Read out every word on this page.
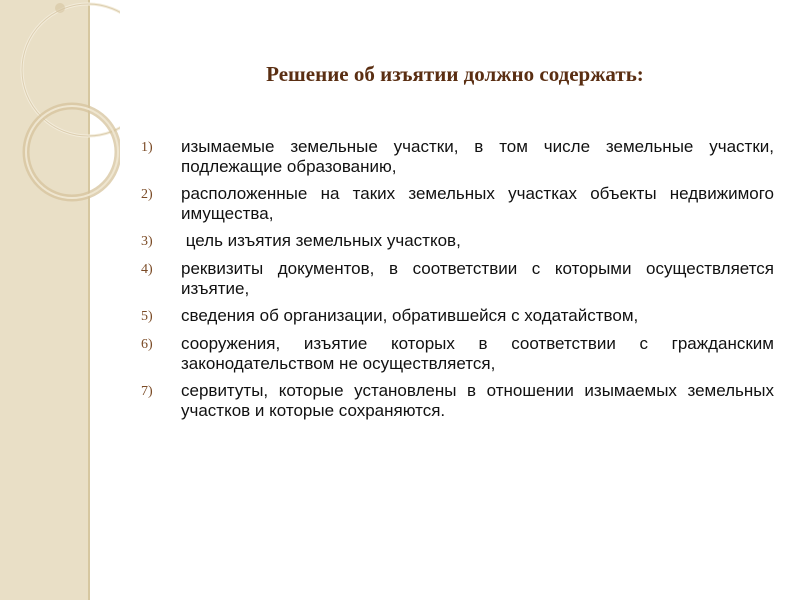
Решение об изъятии должно содержать:
1)	изымаемые земельные участки, в том числе земельные участки, подлежащие образованию,
2)	расположенные на таких земельных участках объекты недвижимого имущества,
3)	цель изъятия земельных участков,
4)	реквизиты документов, в соответствии с которыми осуществляется изъятие,
5)	сведения об организации, обратившейся с ходатайством,
6)	сооружения, изъятие которых в соответствии с гражданским законодательством не осуществляется,
7)	сервитуты, которые установлены в отношении изымаемых земельных участков и которые сохраняются.
